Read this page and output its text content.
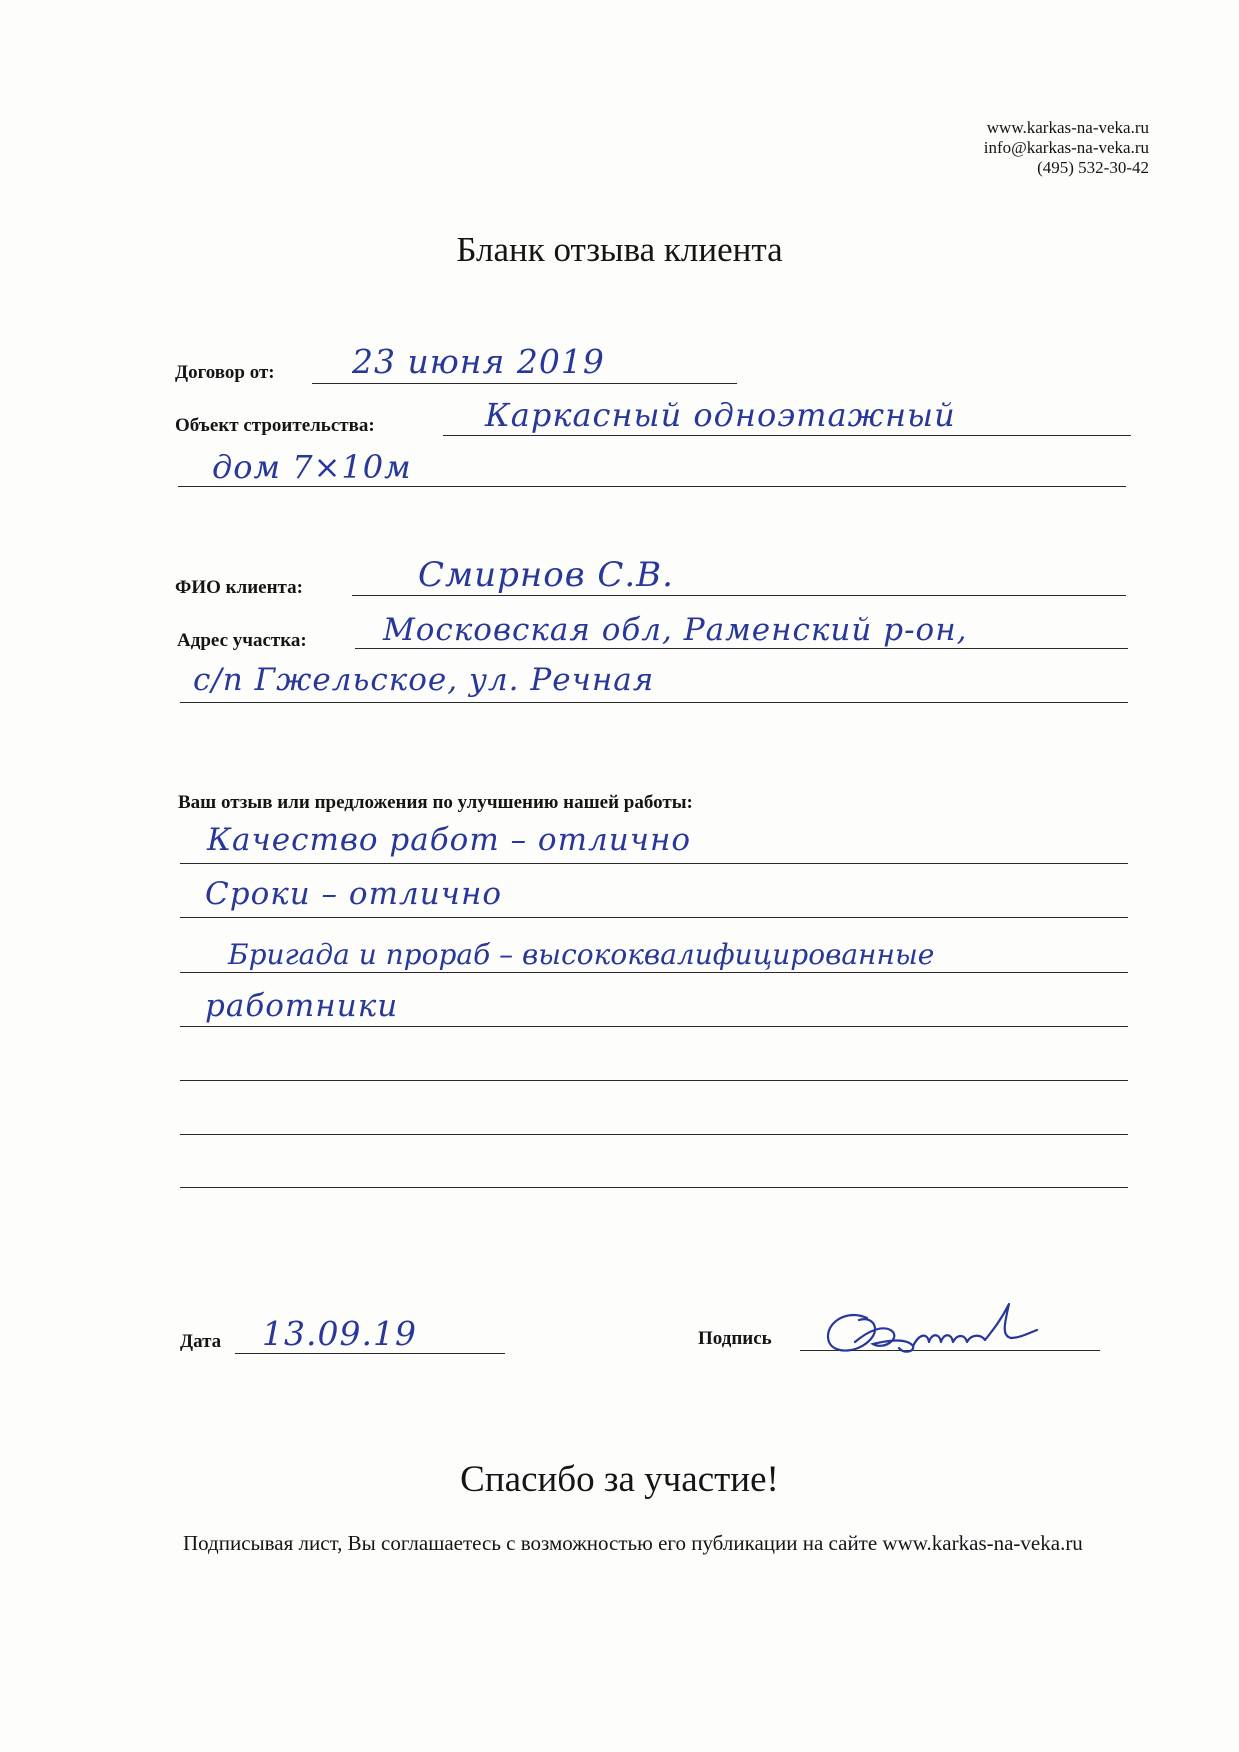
www.karkas-na-veka.ru
info@karkas-na-veka.ru
(495) 532-30-42
Бланк отзыва клиента
Договор от: 23 июня 2019
Объект строительства:	Каркасный одноэтажный
дом 7×10м
ФИО клиента:	Смирнов С.В.
Адрес участка: Московская обл, Раменский р-он,
с/п Гжельское, ул. Речная
Ваш отзыв или предложения по улучшению нашей работы:
Качество работ – отлично
Сроки – отлично
Бригада и прораб – высококвалифицированные
работники
Дата 13.09.19	Подпись
Спасибо за участие!
Подписывая лист, Вы соглашаетесь с возможностью его публикации на сайте www.karkas-na-veka.ru
